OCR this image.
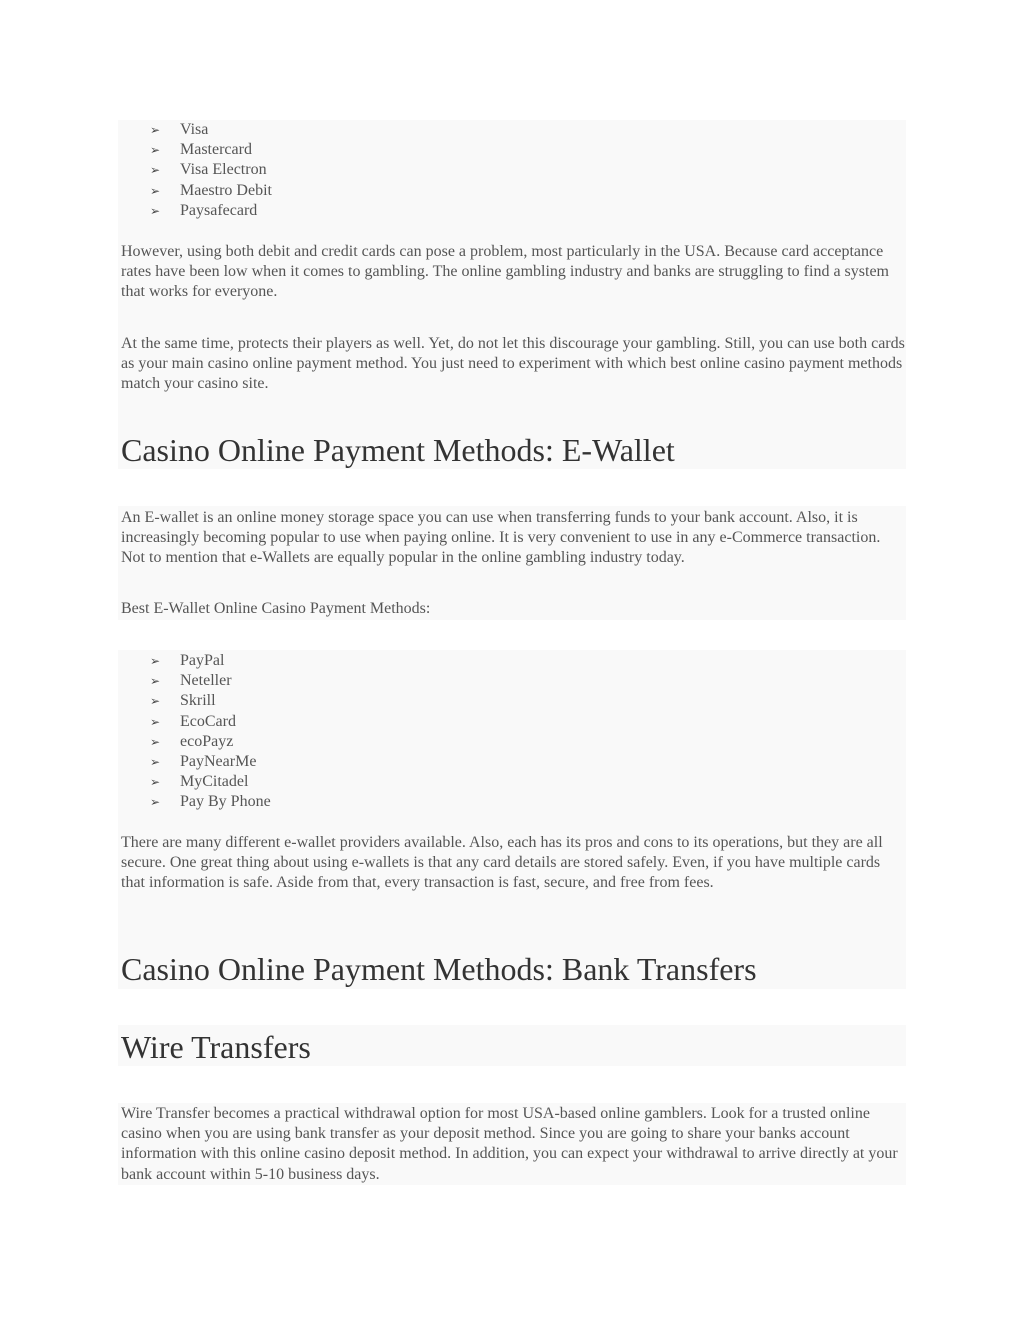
➢ Visa
➢ Mastercard
➢ Visa Electron
➢ Maestro Debit
➢ Paysafecard

However, using both debit and credit cards can pose a problem, most particularly in the USA. Because card acceptance rates have been low when it comes to gambling. The online gambling industry and banks are struggling to find a system that works for everyone.

At the same time, protects their players as well. Yet, do not let this discourage your gambling. Still, you can use both cards as your main casino online payment method. You just need to experiment with which best online casino payment methods match your casino site.

Casino Online Payment Methods: E-Wallet

An E-wallet is an online money storage space you can use when transferring funds to your bank account. Also, it is increasingly becoming popular to use when paying online. It is very convenient to use in any e-Commerce transaction. Not to mention that e-Wallets are equally popular in the online gambling industry today.

Best E-Wallet Online Casino Payment Methods:

➢ PayPal
➢ Neteller
➢ Skrill
➢ EcoCard
➢ ecoPayz
➢ PayNearMe
➢ MyCitadel
➢ Pay By Phone

There are many different e-wallet providers available. Also, each has its pros and cons to its operations, but they are all secure. One great thing about using e-wallets is that any card details are stored safely. Even, if you have multiple cards that information is safe. Aside from that, every transaction is fast, secure, and free from fees.

Casino Online Payment Methods: Bank Transfers
Wire Transfers

Wire Transfer becomes a practical withdrawal option for most USA-based online gamblers. Look for a trusted online casino when you are using bank transfer as your deposit method. Since you are going to share your banks account information with this online casino deposit method. In addition, you can expect your withdrawal to arrive directly at your bank account within 5-10 business days.
